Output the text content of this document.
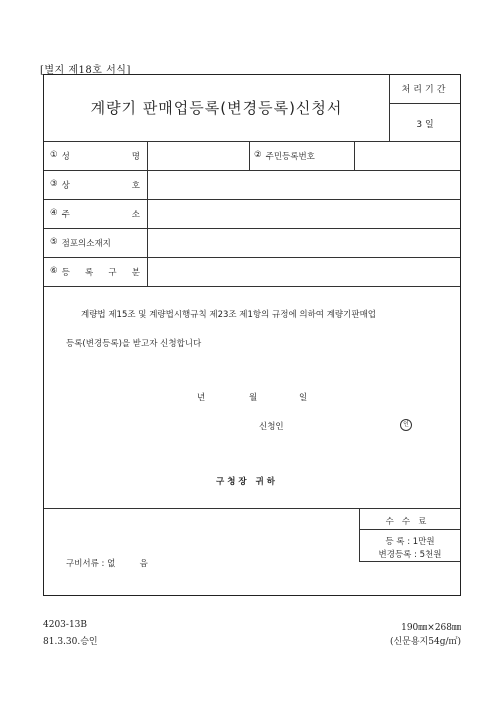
[별지 제18호 서식]
계량기 판매업등록(변경등록)신청서
처리기간
3 일
① 성 명	② 주민등록번호
③ 상 호
④ 주 소
⑤ 점포의소재지
⑥ 등 록 구 분
계량법 제15조 및 계량법시행규칙 제23조 제1항의 규정에 의하여 계량기판매업
등록(변경등록)을 받고자 신청합니다
년	월	일
신청인	인
구청장 귀하
수수료
등 록 : 1만원
변경등록 : 5천원
구비서류 : 없         음
4203-13B
81.3.30.승인
190㎜×268㎜
(신문용지54g/㎡)
